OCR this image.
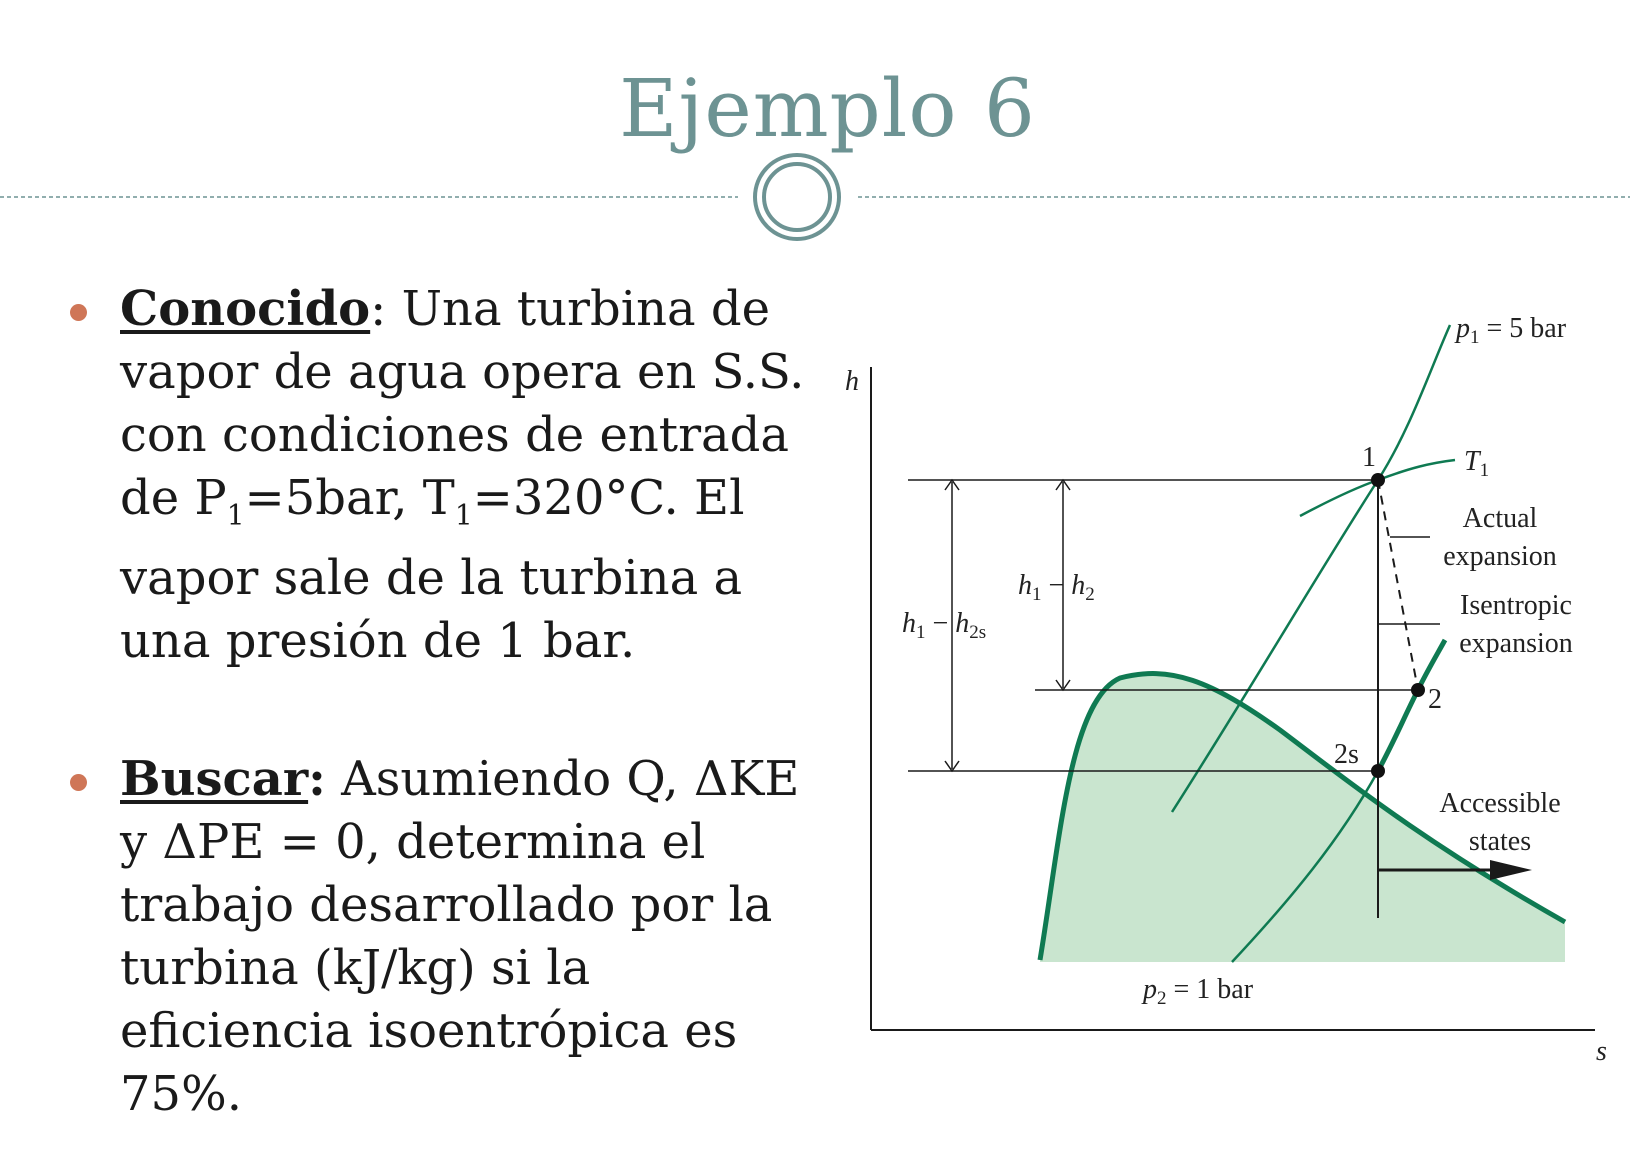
Ejemplo 6
Conocido: Una turbina de
vapor de agua opera en S.S.
con condiciones de entrada
de $P_1=5bar$, $T_1=320^\circ C$. El
vapor sale de la turbina a
una presión de 1 bar.
Buscar: Asumiendo Q, ΔKE
y ΔPE = 0, determina el
trabajo desarrollado por la
turbina (kJ/kg) si la
eficiencia isoentrópica es
75%.
h
s
1
2
2s
$p_1 = 5$ bar
$p_2 = 1$ bar
$T_1$
Actual expansion
Isentropic expansion
Accessible states
$h_1 - h_2$
$h_1 - h_{2s}$
